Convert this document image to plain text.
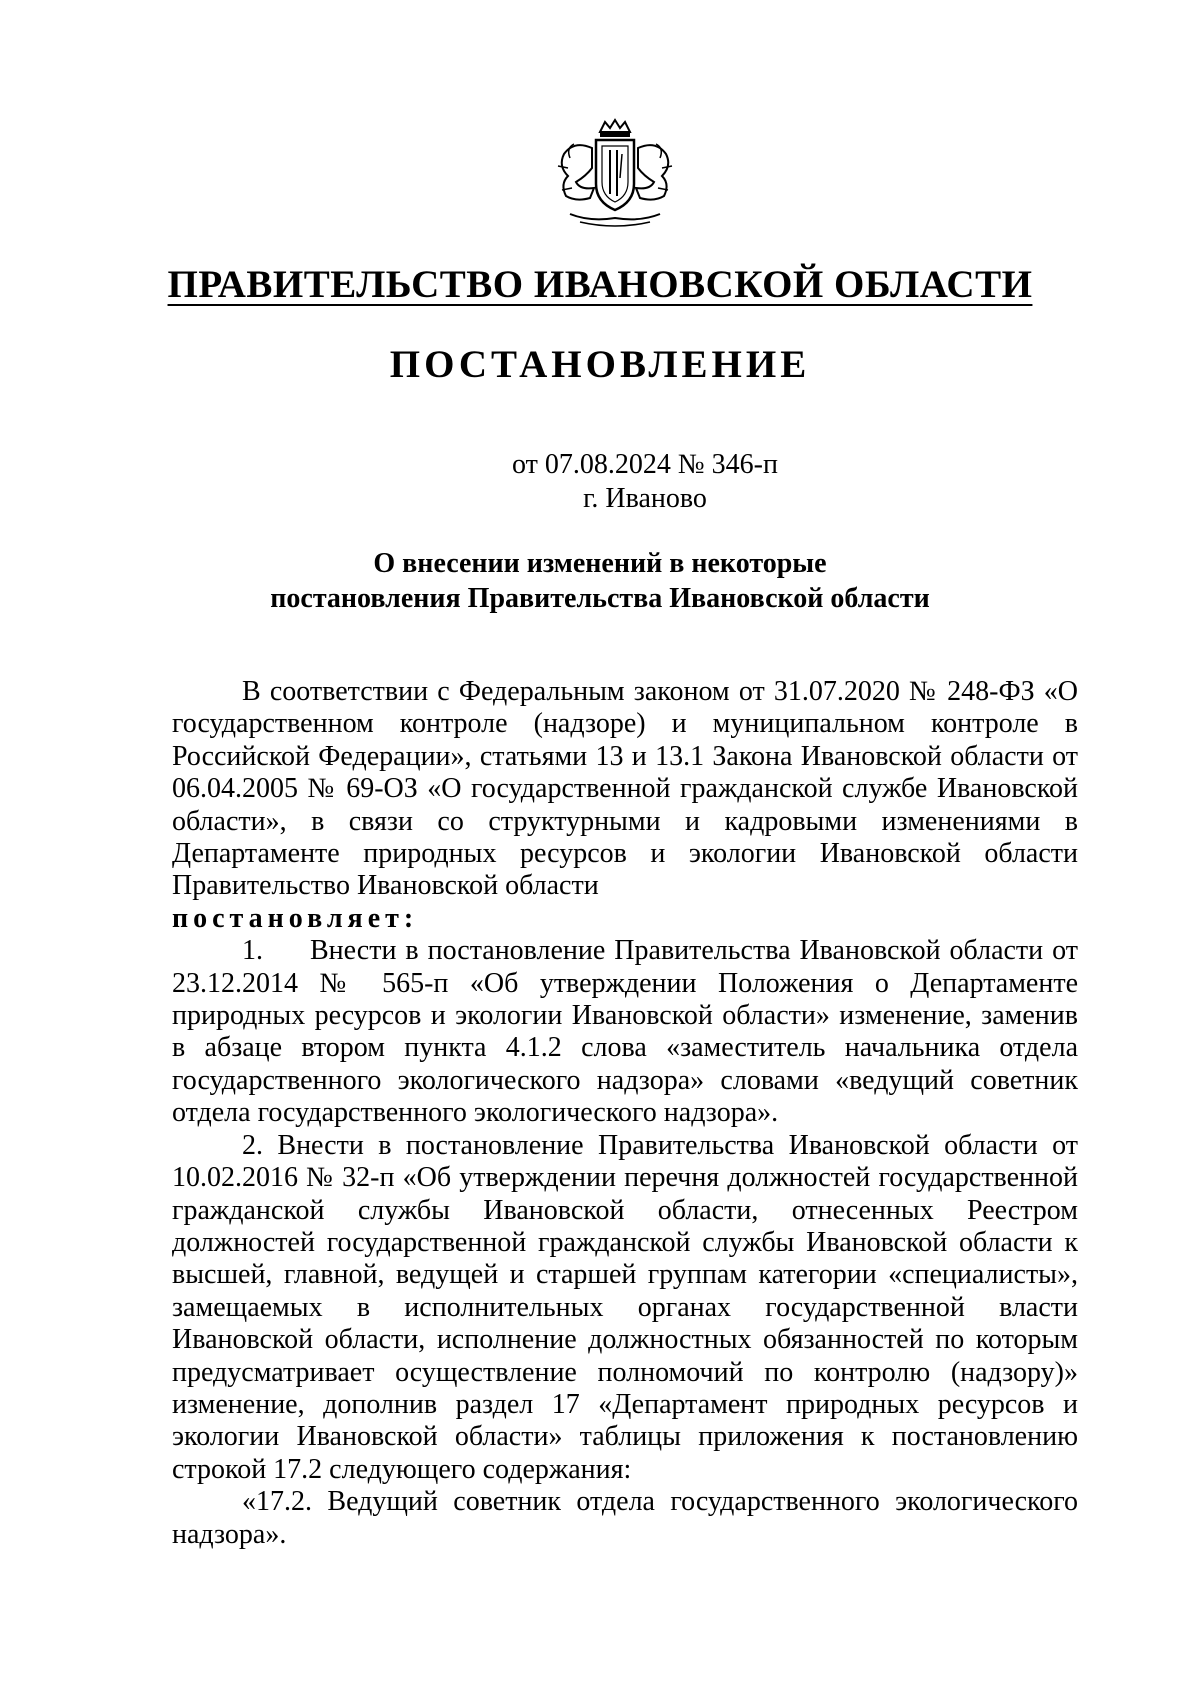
ПРАВИТЕЛЬСТВО ИВАНОВСКОЙ ОБЛАСТИ
ПОСТАНОВЛЕНИЕ
от 07.08.2024 № 346-п
г. Иваново
О внесении изменений в некоторые
постановления Правительства Ивановской области

В соответствии с Федеральным законом от 31.07.2020 № 248-ФЗ «О государственном контроле (надзоре) и муниципальном контроле в Российской Федерации», статьями 13 и 13.1 Закона Ивановской области от 06.04.2005 № 69-ОЗ «О государственной гражданской службе Ивановской области», в связи со структурными и кадровыми изменениями в Департаменте природных ресурсов и экологии Ивановской области Правительство Ивановской области

постановляет:

1. Внести в постановление Правительства Ивановской области от 23.12.2014 № 565-п «Об утверждении Положения о Департаменте природных ресурсов и экологии Ивановской области» изменение, заменив в абзаце втором пункта 4.1.2 слова «заместитель начальника отдела государственного экологического надзора» словами «ведущий советник отдела государственного экологического надзора».

2. Внести в постановление Правительства Ивановской области от 10.02.2016 № 32-п «Об утверждении перечня должностей государственной гражданской службы Ивановской области, отнесенных Реестром должностей государственной гражданской службы Ивановской области к высшей, главной, ведущей и старшей группам категории «специалисты», замещаемых в исполнительных органах государственной власти Ивановской области, исполнение должностных обязанностей по которым предусматривает осуществление полномочий по контролю (надзору)» изменение, дополнив раздел 17 «Департамент природных ресурсов и экологии Ивановской области» таблицы приложения к постановлению строкой 17.2 следующего содержания:

«17.2. Ведущий советник отдела государственного экологического надзора».
